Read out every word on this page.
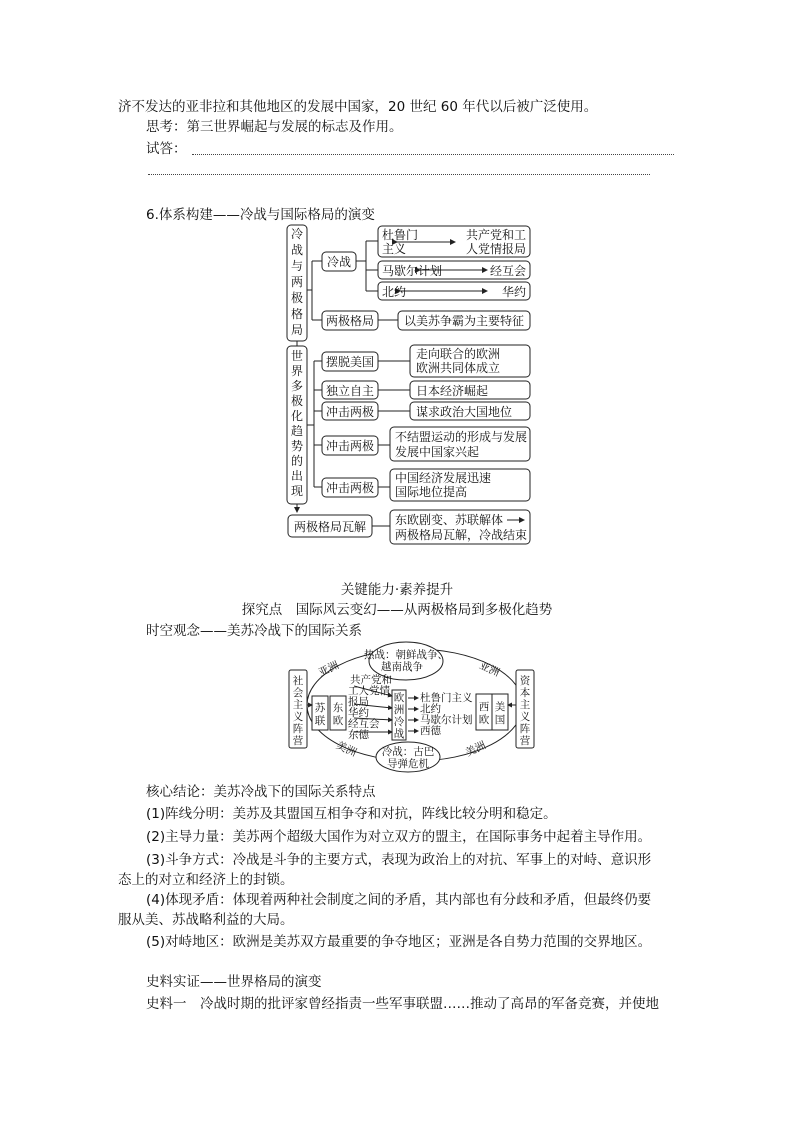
济不发达的亚非拉和其他地区的发展中国家，20 世纪 60 年代以后被广泛使用。
思考：第三世界崛起与发展的标志及作用。
试答：
6.体系构建——冷战与国际格局的演变
冷
战
与
两
极
格
局
世
界
多
极
化
趋
势
的
出
现
冷战
两极格局
杜鲁门
主义
共产党和工
人党情报局
马歇尔计划	经互会
北约	华约
以美苏争霸为主要特征
摆脱美国
独立自主
冲击两极
冲击两极
冲击两极
走向联合的欧洲
欧洲共同体成立
日本经济崛起
谋求政治大国地位
不结盟运动的形成与发展
发展中国家兴起
中国经济发展迅速
国际地位提高
两极格局瓦解 东欧剧变、苏联解体
两极格局瓦解，冷战结束
关键能力·素养提升
探究点　国际风云变幻——从两极格局到多极化趋势
时空观念——美苏冷战下的国际关系
社
会
主
义
阵
营
资
本
主
义
阵
营
亚洲	亚洲
美洲	美洲
热战：朝鲜战争、
越南战争
冷战：古巴
导弹危机
苏
联
东
欧
西
欧
美
国
欧
洲
冷
战
共产党和
工人党情
报局
华约
经互会
东德
杜鲁门主义
北约
马歇尔计划
西德
核心结论：美苏冷战下的国际关系特点
(1)阵线分明：美苏及其盟国互相争夺和对抗，阵线比较分明和稳定。
(2)主导力量：美苏两个超级大国作为对立双方的盟主，在国际事务中起着主导作用。
(3)斗争方式：冷战是斗争的主要方式，表现为政治上的对抗、军事上的对峙、意识形
态上的对立和经济上的封锁。
(4)体现矛盾：体现着两种社会制度之间的矛盾，其内部也有分歧和矛盾，但最终仍要
服从美、苏战略利益的大局。
(5)对峙地区：欧洲是美苏双方最重要的争夺地区；亚洲是各自势力范围的交界地区。
史料实证——世界格局的演变
史料一　冷战时期的批评家曾经指责一些军事联盟……推动了高昂的军备竞赛，并使地
